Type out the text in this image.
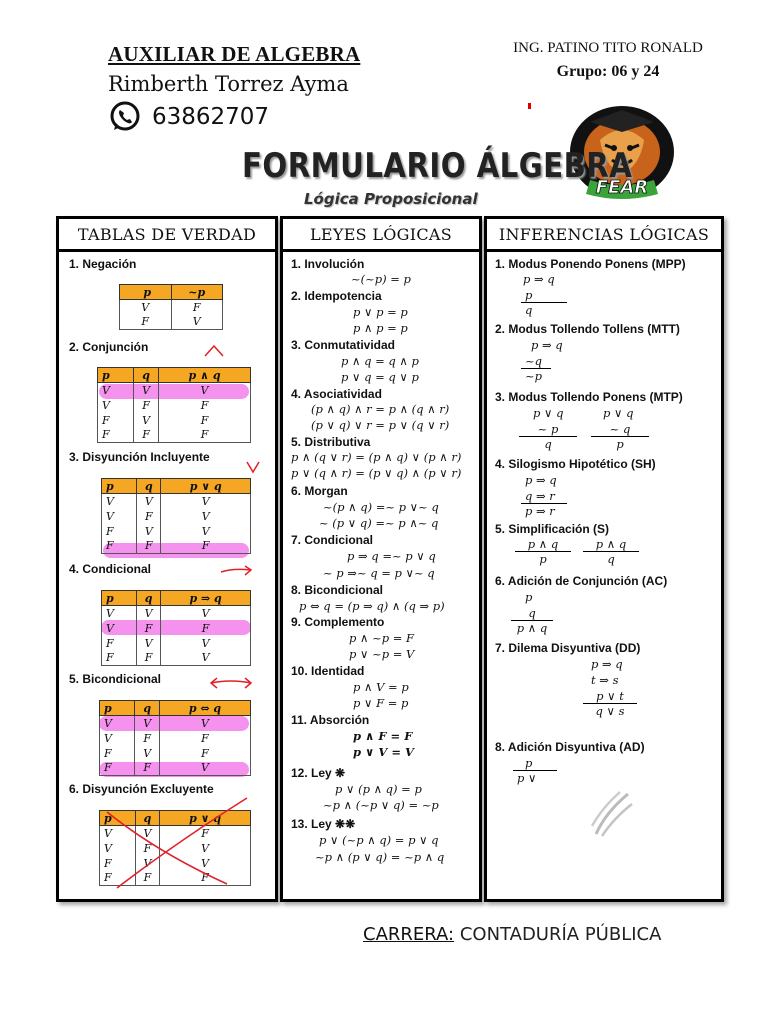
AUXILIAR DE ALGEBRA
Rimberth Torrez Ayma
63862707
ING. PATINO TITO RONALD
Grupo: 06 y 24
FEAR
FORMULARIO ÁLGEBRA
Lógica Proposicional
TABLAS DE VERDAD
1. Negación
p	~p
V	F
F	V
2. Conjunción
p	q	p ∧ q
V	V	V
V	F	F
F	V	F
F	F	F
3. Disyunción Incluyente
p	q	p ∨ q
V	V	V
V	F	V
F	V	V
F	F	F
4. Condicional
p	q	p ⇒ q
V	V	V
V	F	F
F	V	V
F	F	V
5. Bicondicional
p	q	p ⇔ q
V	V	V
V	F	F
F	V	F
F	F	V
6. Disyunción Excluyente
p	q	p ∨ q
V	V	F
V	F	V
F	V	V
F	F	F
LEYES LÓGICAS
1. Involución
~(~p) = p
2. Idempotencia
p ∨ p = p
p ∧ p = p
3. Conmutatividad
p ∧ q = q ∧ p
p ∨ q = q ∨ p
4. Asociatividad
(p ∧ q) ∧ r = p ∧ (q ∧ r)
(p ∨ q) ∨ r = p ∨ (q ∨ r)
5. Distributiva
p ∧ (q ∨ r) = (p ∧ q) ∨ (p ∧ r)
p ∨ (q ∧ r) = (p ∨ q) ∧ (p ∨ r)
6. Morgan
~(p ∧ q) =~ p ∨~ q
~ (p ∨ q) =~ p ∧~ q
7. Condicional
p ⇒ q =~ p ∨ q
~ p ⇒~ q = p ∨~ q
8. Bicondicional
p ⇔ q = (p ⇒ q) ∧ (q ⇒ p)
9. Complemento
p ∧ ~p = F
p ∨ ~p = V
10. Identidad
p ∧ V = p
p ∨ F = p
11. Absorción
p ∧ F = F
p ∨ V = V
12. Ley ❋
p ∨ (p ∧ q) = p
~p ∧ (~p ∨ q) = ~p
13. Ley ❋❋
p ∨ (~p ∧ q) = p ∨ q
~p ∧ (p ∨ q) = ~p ∧ q
INFERENCIAS LÓGICAS
1. Modus Ponendo Ponens (MPP)
p ⇒ q
$\frac{p}{q}$
2. Modus Tollendo Tollens (MTT)
p ⇒ q
$\frac{\sim q}{\sim p}$
3. Modus Tollendo Ponens (MTP)
p ∨ q
$\frac{\sim p}{q}$
p ∨ q
$\frac{\sim q}{p}$
4. Silogismo Hipotético (SH)
p ⇒ q
$\frac{q \Rightarrow r}{p \Rightarrow r}$
5. Simplificación (S)
$\frac{p \wedge q}{p} \frac{p \wedge q}{q}$
6. Adición de Conjunción (AC)
p
$\frac{q}{p \wedge q}$
7. Dilema Disyuntiva (DD)
p ⇒ q
t ⇒ s
$\frac{p \vee t}{q \vee s}$
8. Adición Disyuntiva (AD)
$\frac{p}{p \vee}$
CARRERA: CONTADURÍA PÚBLICA
